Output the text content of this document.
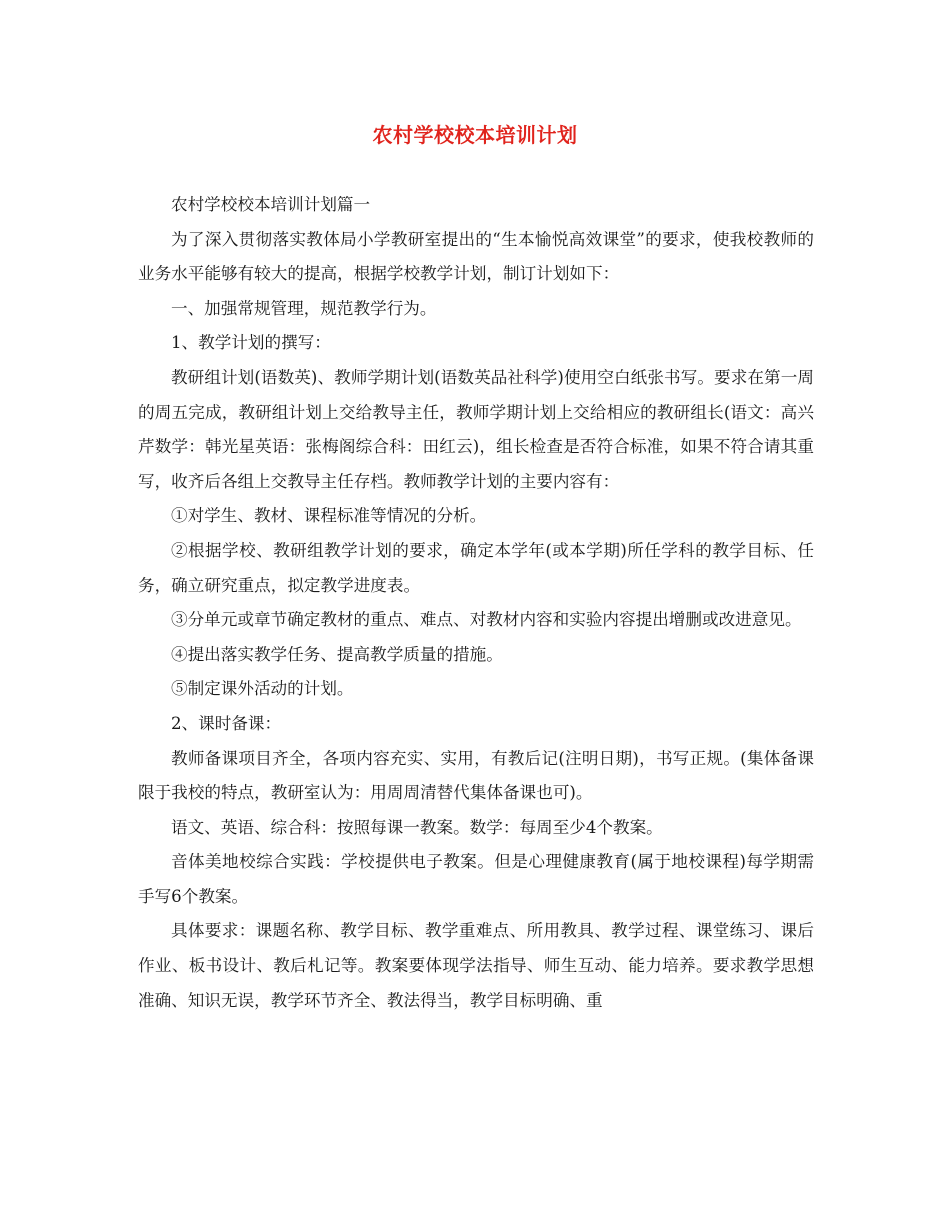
农村学校校本培训计划

农村学校校本培训计划篇一

为了深入贯彻落实教体局小学教研室提出的“生本愉悦高效课堂”的要求，使我校教师的业务水平能够有较大的提高，根据学校教学计划，制订计划如下：

一、加强常规管理，规范教学行为。

1、教学计划的撰写：

教研组计划(语数英)、教师学期计划(语数英品社科学)使用空白纸张书写。要求在第一周的周五完成，教研组计划上交给教导主任，教师学期计划上交给相应的教研组长(语文：高兴芹数学：韩光星英语：张梅阁综合科：田红云)，组长检查是否符合标准，如果不符合请其重写，收齐后各组上交教导主任存档。教师教学计划的主要内容有：

①对学生、教材、课程标准等情况的分析。

②根据学校、教研组教学计划的要求，确定本学年(或本学期)所任学科的教学目标、任务，确立研究重点，拟定教学进度表。

③分单元或章节确定教材的重点、难点、对教材内容和实验内容提出增删或改进意见。

④提出落实教学任务、提高教学质量的措施。

⑤制定课外活动的计划。

2、课时备课：

教师备课项目齐全，各项内容充实、实用，有教后记(注明日期)，书写正规。(集体备课限于我校的特点，教研室认为：用周周清替代集体备课也可)。

语文、英语、综合科：按照每课一教案。数学：每周至少4个教案。

音体美地校综合实践：学校提供电子教案。但是心理健康教育(属于地校课程)每学期需手写6个教案。

具体要求：课题名称、教学目标、教学重难点、所用教具、教学过程、课堂练习、课后作业、板书设计、教后札记等。教案要体现学法指导、师生互动、能力培养。要求教学思想准确、知识无误，教学环节齐全、教法得当，教学目标明确、重
